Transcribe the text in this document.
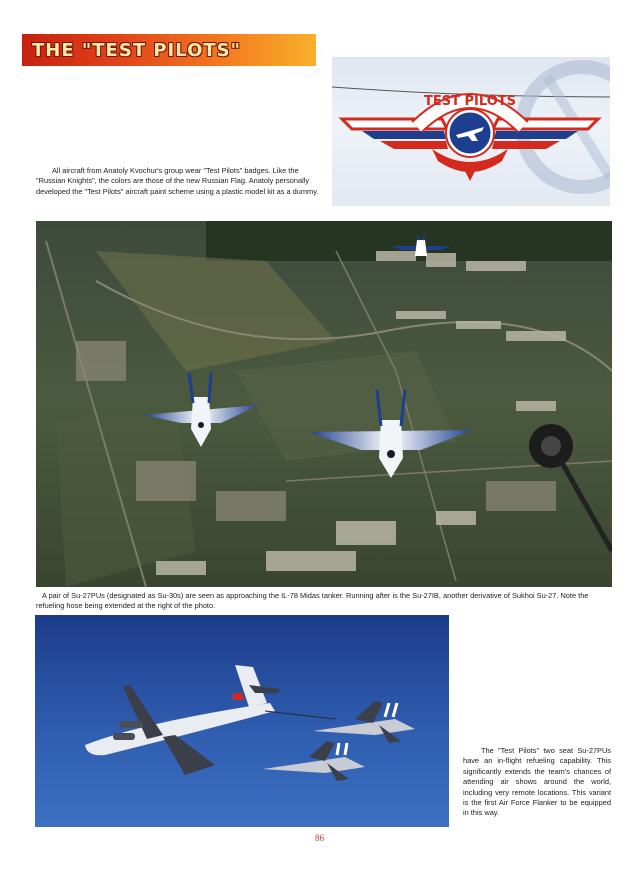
THE "TEST PILOTS"
TEST PILOTS
All aircraft from Anatoly Kvochur's group wear "Test Pilots" badges. Like the "Russian Knights", the colors are those of the new Russian Flag. Anatoly personally developed the "Test Pilots" aircraft paint scheme using a plastic model kit as a dummy.
A pair of Su-27PUs (designated as Su-30s) are seen as approaching the IL-78 Midas tanker. Running after is the Su-27IB, another derivative of Sukhoi Su-27. Note the refueling hose being extended at the right of the photo.
The "Test Pilots" two seat Su-27PUs have an in-flight refueling capability. This significantly extends the team's chances of attending air shows around the world, including very remote locations. This variant is the first Air Force Flanker to be equipped in this way.
86
